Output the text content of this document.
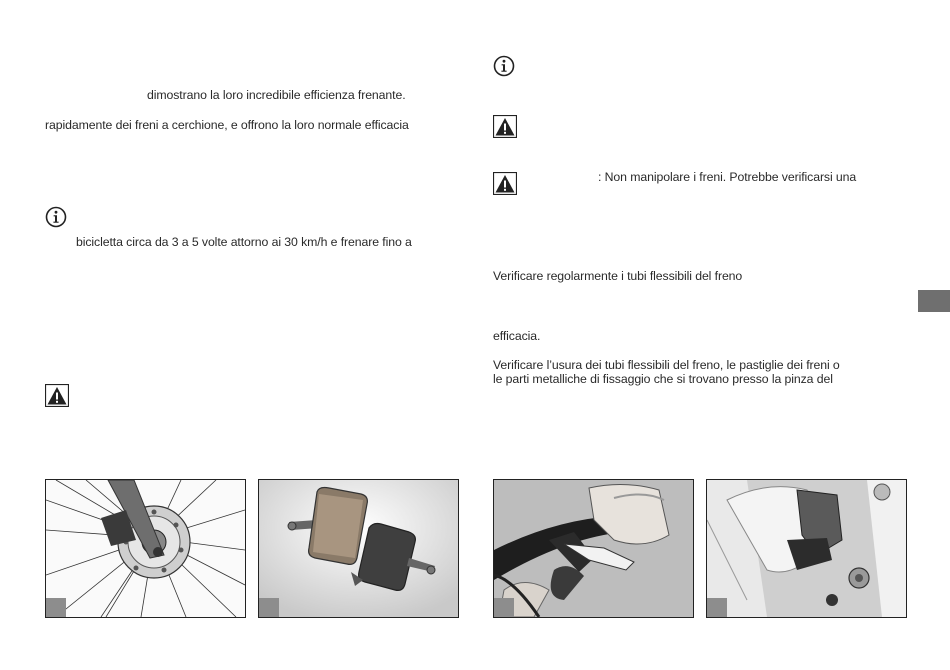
dimostrano la loro incredibile efficienza frenante.
rapidamente dei freni a cerchione, e offrono la loro normale efficacia
bicicletta circa da 3 a 5 volte attorno ai 30 km/h e frenare fino a
: Non manipolare i freni. Potrebbe verificarsi una
Verificare regolarmente i tubi flessibili del freno
efficacia.
Verificare l’usura dei tubi flessibili del freno, le pastiglie dei freni o
le parti metalliche di fissaggio che si trovano presso la pinza del
